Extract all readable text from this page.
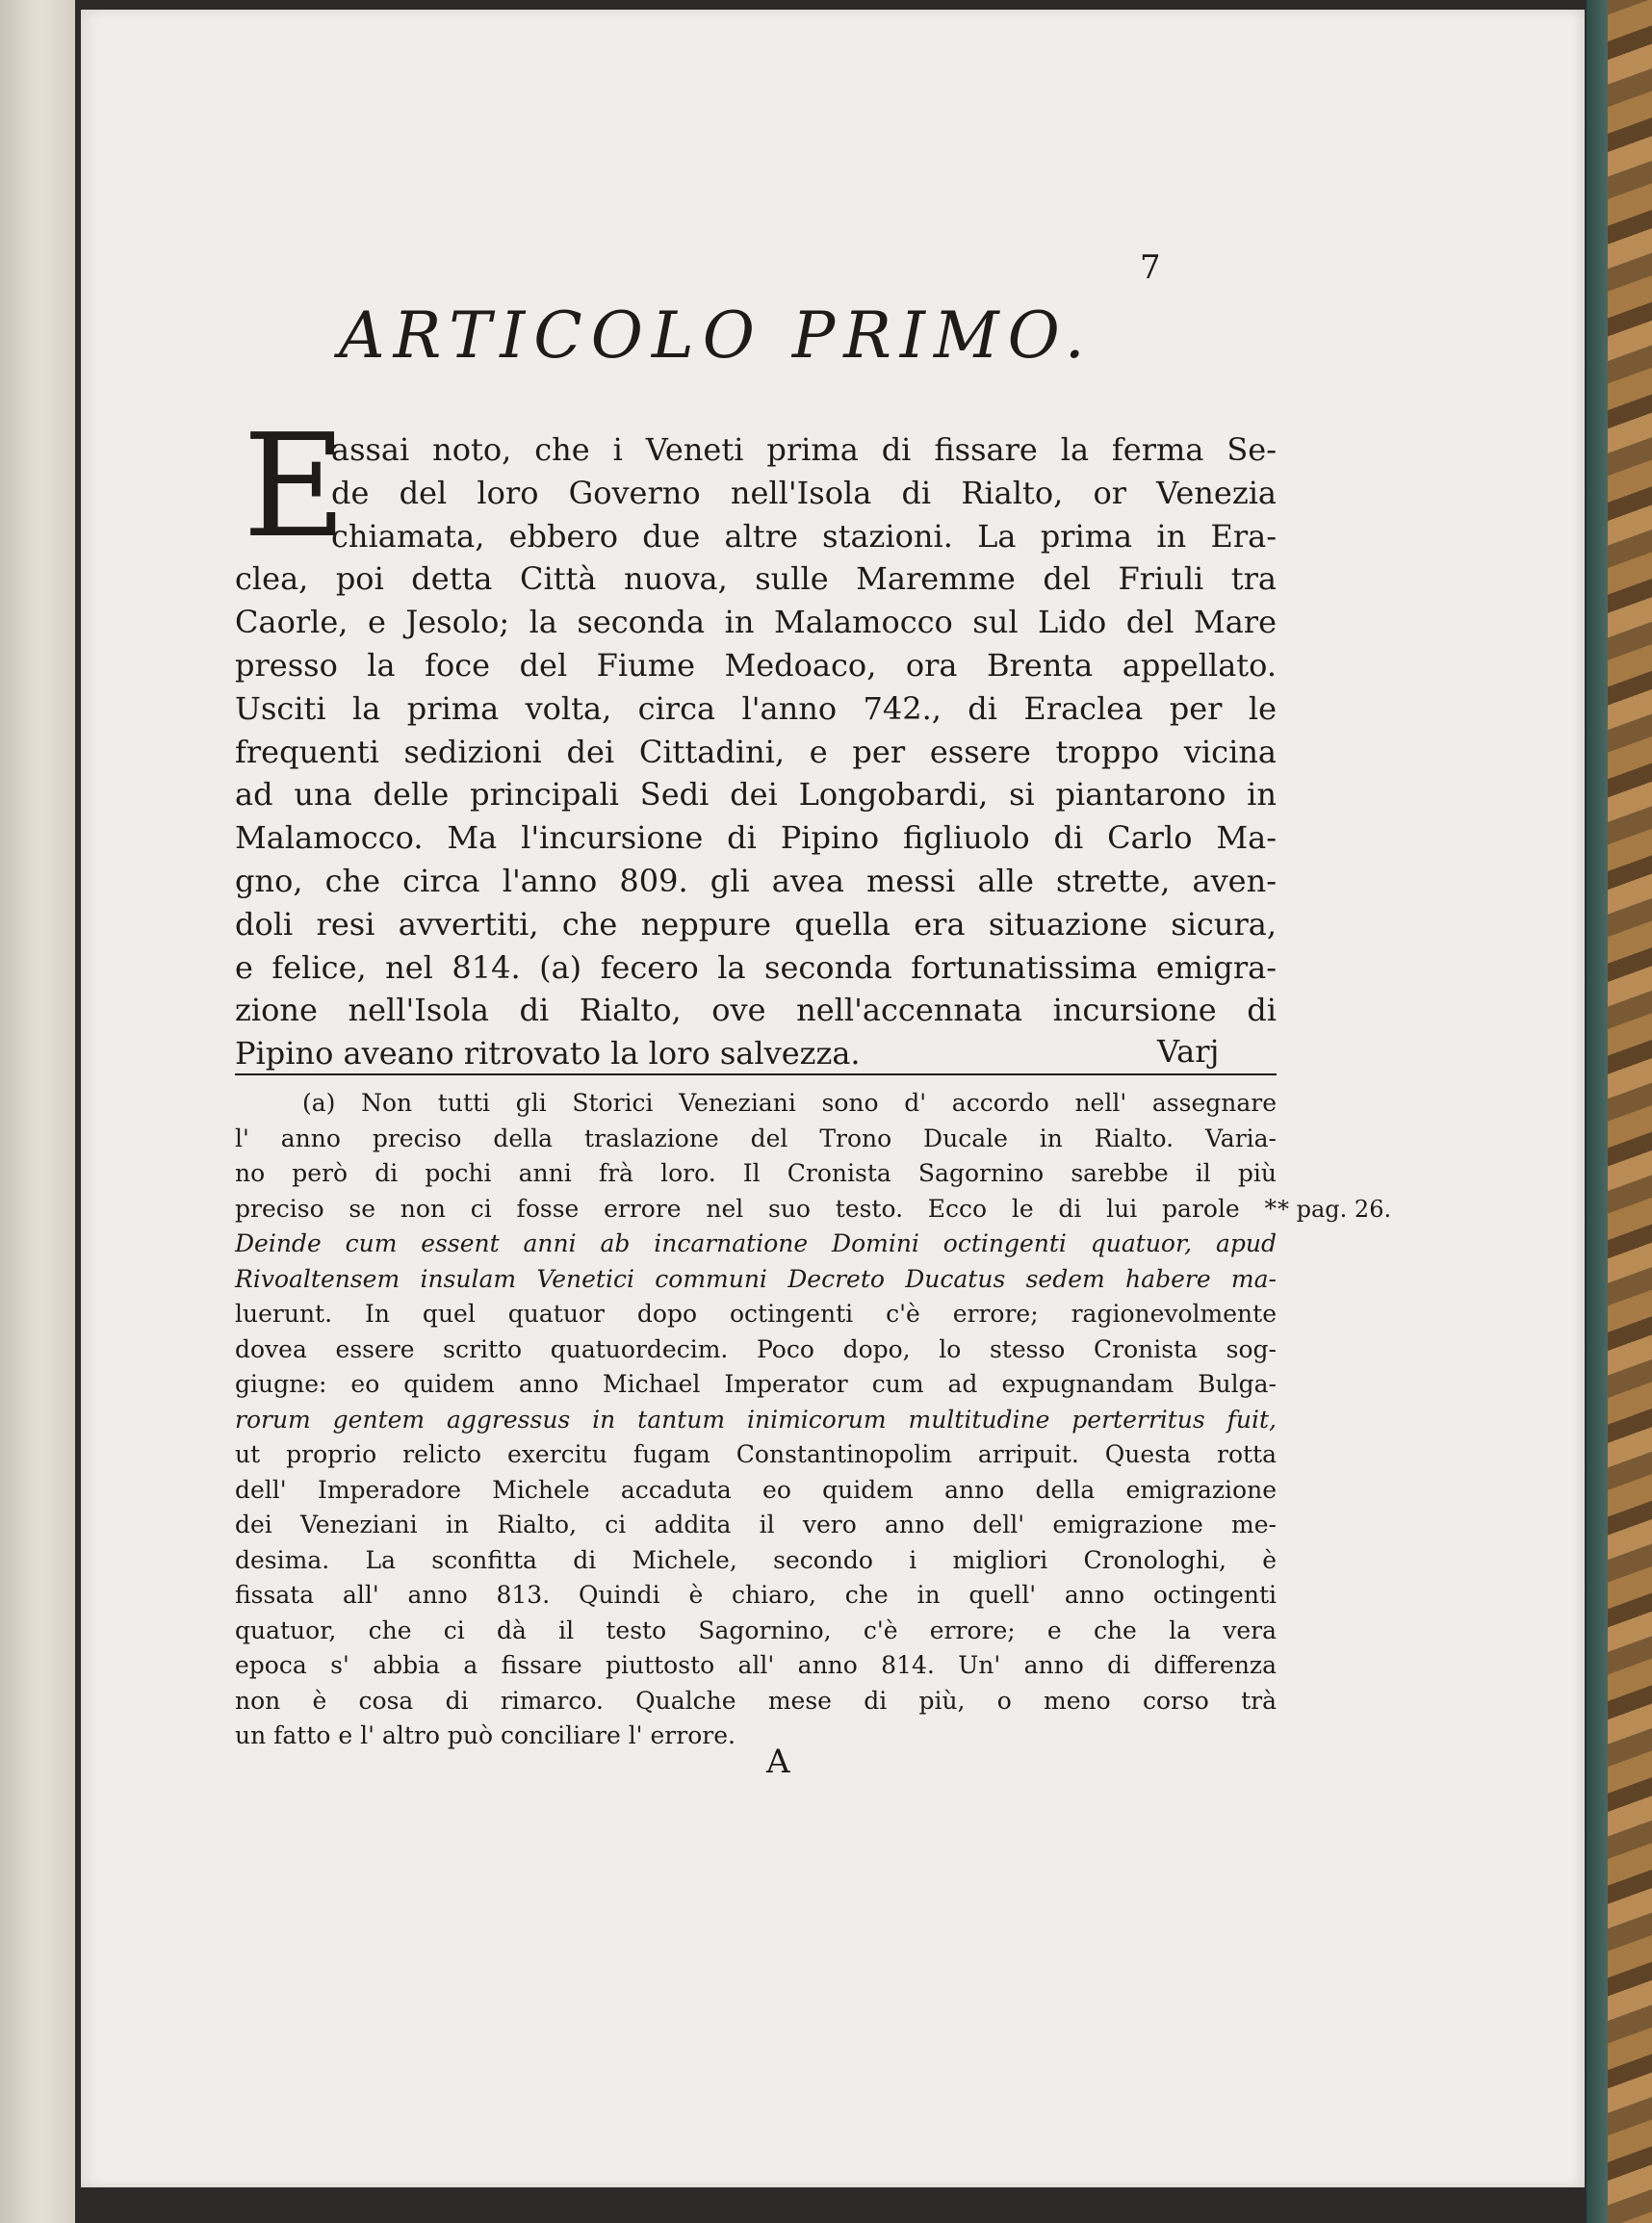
7
ARTICOLO PRIMO.
E
assai noto, che i Veneti prima di fissare la ferma Se-
de del loro Governo nell'Isola di Rialto, or Venezia
chiamata, ebbero due altre stazioni. La prima in Era-
clea, poi detta Città nuova, sulle Maremme del Friuli tra
Caorle, e Jesolo; la seconda in Malamocco sul Lido del Mare
presso la foce del Fiume Medoaco, ora Brenta appellato.
Usciti la prima volta, circa l'anno 742., di Eraclea per le
frequenti sedizioni dei Cittadini, e per essere troppo vicina
ad una delle principali Sedi dei Longobardi, si piantarono in
Malamocco. Ma l'incursione di Pipino figliuolo di Carlo Ma-
gno, che circa l'anno 809. gli avea messi alle strette, aven-
doli resi avvertiti, che neppure quella era situazione sicura,
e felice, nel 814. (a) fecero la seconda fortunatissima emigra-
zione nell'Isola di Rialto, ove nell'accennata incursione di
Pipino aveano ritrovato la loro salvezza.	Varj
(a) Non tutti gli Storici Veneziani sono d' accordo nell' assegnare
l' anno preciso della traslazione del Trono Ducale in Rialto. Varia-
no però di pochi anni frà loro. Il Cronista Sagornino sarebbe il più
preciso se non ci fosse errore nel suo testo. Ecco le di lui parole *
Deinde cum essent anni ab incarnatione Domini octingenti quatuor, apud
Rivoaltensem insulam Venetici communi Decreto Ducatus sedem habere ma-
luerunt. In quel quatuor dopo octingenti c'è errore; ragionevolmente
dovea essere scritto quatuordecim. Poco dopo, lo stesso Cronista sog-
giugne: eo quidem anno Michael Imperator cum ad expugnandam Bulga-
rorum gentem aggressus in tantum inimicorum multitudine perterritus fuit,
ut proprio relicto exercitu fugam Constantinopolim arripuit. Questa rotta
dell' Imperadore Michele accaduta eo quidem anno della emigrazione
dei Veneziani in Rialto, ci addita il vero anno dell' emigrazione me-
desima. La sconfitta di Michele, secondo i migliori Cronologhi, è
fissata all' anno 813. Quindi è chiaro, che in quell' anno octingenti
quatuor, che ci dà il testo Sagornino, c'è errore; e che la vera
epoca s' abbia a fissare piuttosto all' anno 814. Un' anno di differenza
non è cosa di rimarco. Qualche mese di più, o meno corso trà
un fatto e l' altro può conciliare l' errore.
* pag. 26.
A
